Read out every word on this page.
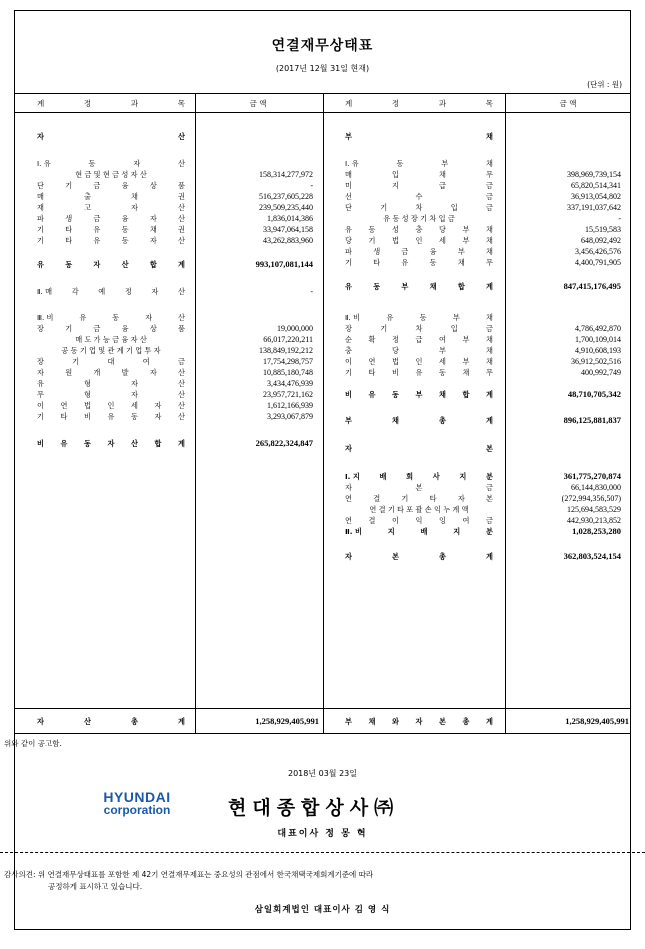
연결재무상태표
(2017년 12월 31일 현재)
(단위 : 원)
계	정	과	목	금 액	계	정	과	목	금 액
자	산
Ⅰ. 유	동	자	산
현 금 및 현 금 성 자 산	158,314,277,972
단	기	금	융	상	품	-
매	출	채	권	516,237,605,228
재	고	자	산	239,509,235,440
파	생	금	융	자	산	1,836,014,386
기	타	유	동	채	권	33,947,064,158
기	타	유	동	자	산	43,262,883,960
유	동	자	산	합	계	993,107,081,144
Ⅱ. 매	각	예	정	자	산	-
Ⅲ. 비	유	동	자	산
장	기	금	융	상	품	19,000,000
매 도 가 능 금 융 자 산	66,017,220,211
공 동 기 업 및 관 계 기 업 투 자	138,849,192,212
장	기	대	여	금	17,754,298,757
자	원	개	발	자	산	10,885,180,748
유	형	자	산	3,434,476,939
무	형	자	산	23,957,721,162
이 연 법 인 세 자 산	1,612,166,939
기 타 비 유 동 자 산	3,293,067,879
비 유 동 자 산 합 계	265,822,324,847
부	채
Ⅰ. 유	동	부	채
매	입	채	무	398,969,739,154
미	지	급	금	65,820,514,341
선	수	금	36,913,054,802
단	기	차	입	금	337,191,037,642
유 동 성 장 기 차 입 금	-
유 동 성 충 당 부 채	15,519,583
당 기 법 인 세 부 채	648,092,492
파	생	금	융	부	채	3,456,426,576
기	타	유	동	채	무	4,400,791,905
유	동	부	채	합	계	847,415,176,495
Ⅱ. 비	유	동	부	채
장	기	차	입	금	4,786,492,870
순 확 정 급 여 부 채	1,700,109,014
충	당	부	채	4,910,608,193
이 연 법 인 세 부 채	36,912,502,516
기 타 비 유 동 채 무	400,992,749
비 유 동 부 채 합 계	48,710,705,342
부	채	총	계	896,125,881,837
자	본
Ⅰ. 지	배	회	사	지	분	361,775,270,874
자	본	금	66,144,830,000
연	결	기	타	자	본	(272,994,356,507)
연 결 기 타 포 괄 손 익 누 계 액	125,694,583,529
연 결 이 익 잉 여 금	442,930,213,852
Ⅱ. 비	지	배	지	분	1,028,253,280
자	본	총	계	362,803,524,154
자	산	총	계	1,258,929,405,991	부 채 와 자 본 총 계	1,258,929,405,991
위와 같이 공고함.
2018년 03월 23일
HYUNDAI
corporation	현대종합상사㈜
대표이사 정 몽 혁
감사의견: 위 연결재무상태표를 포함한 제 42기 연결재무제표는 중요성의 관점에서 한국채택국제회계기준에 따라
공정하게 표시하고 있습니다.
삼일회계법인 대표이사 김 영 식
